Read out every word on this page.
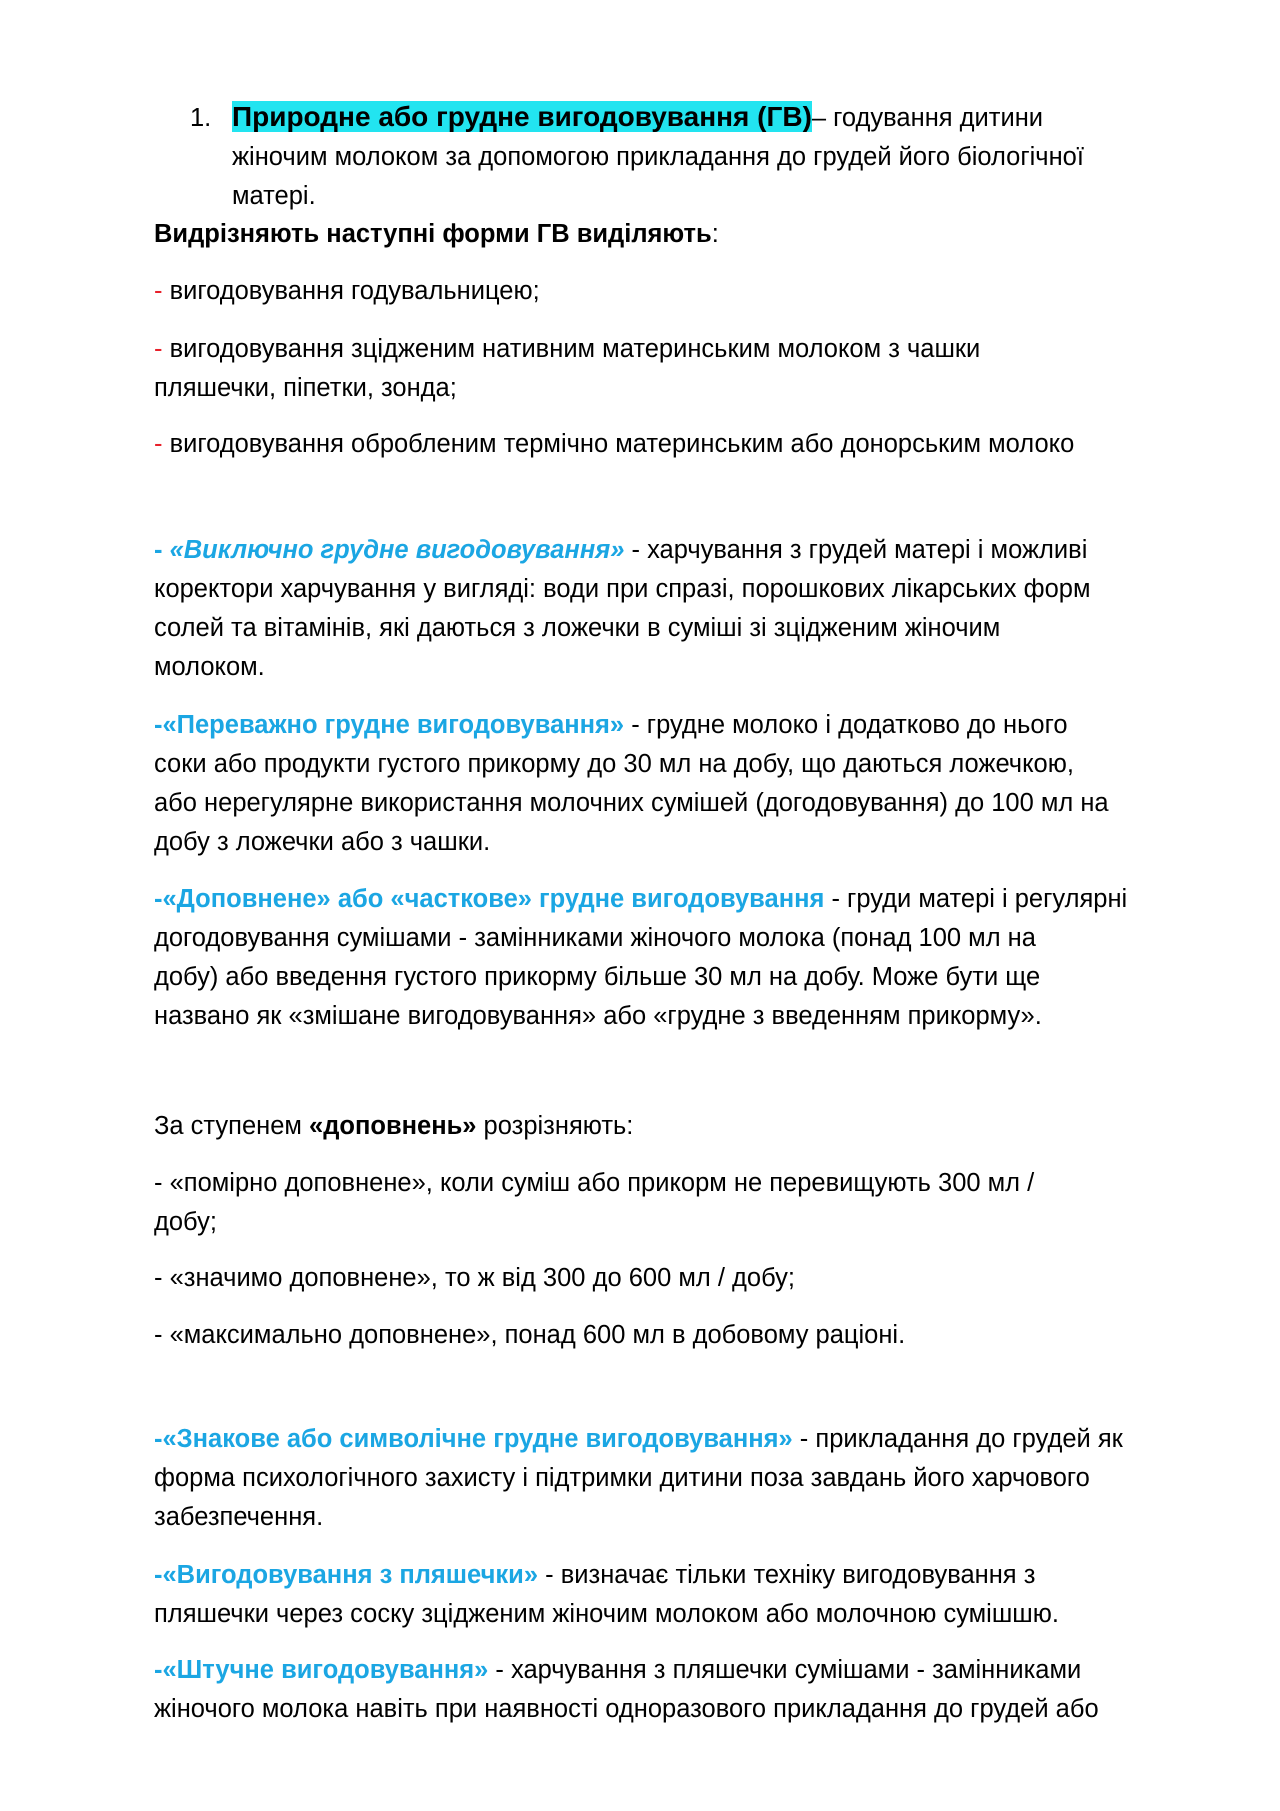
1. Природне або грудне вигодовування (ГВ)– годування дитини
жіночим молоком за допомогою прикладання до грудей його біологічної
матері.

Видрізняють наступні форми ГВ виділяють:

- вигодовування годувальницею;

- вигодовування зцідженим нативним материнським молоком з чашки
пляшечки, піпетки, зонда;

- вигодовування обробленим термічно материнським або донорським молоко

- «Виключно грудне вигодовування» - харчування з грудей матері і можливі
коректори харчування у вигляді: води при спразі, порошкових лікарських форм
солей та вітамінів, які даються з ложечки в суміші зі зцідженим жіночим
молоком.

-«Переважно грудне вигодовування» - грудне молоко і додатково до нього
соки або продукти густого прикорму до 30 мл на добу, що даються ложечкою,
або нерегулярне використання молочних сумішей (догодовування) до 100 мл на
добу з ложечки або з чашки.

-«Доповнене» або «часткове» грудне вигодовування - груди матері і регулярні
догодовування сумішами - замінниками жіночого молока (понад 100 мл на
добу) або введення густого прикорму більше 30 мл на добу. Може бути ще
названо як «змішане вигодовування» або «грудне з введенням прикорму».

За ступенем «доповнень» розрізняють:

- «помірно доповнене», коли суміш або прикорм не перевищують 300 мл /
добу;

- «значимо доповнене», то ж від 300 до 600 мл / добу;

- «максимально доповнене», понад 600 мл в добовому раціоні.

-«Знакове або символічне грудне вигодовування» - прикладання до грудей як
форма психологічного захисту і підтримки дитини поза завдань його харчового
забезпечення.

-«Вигодовування з пляшечки» - визначає тільки техніку вигодовування з
пляшечки через соску зцідженим жіночим молоком або молочною сумішшю.

-«Штучне вигодовування» - харчування з пляшечки сумішами - замінниками
жіночого молока навіть при наявності одноразового прикладання до грудей або
